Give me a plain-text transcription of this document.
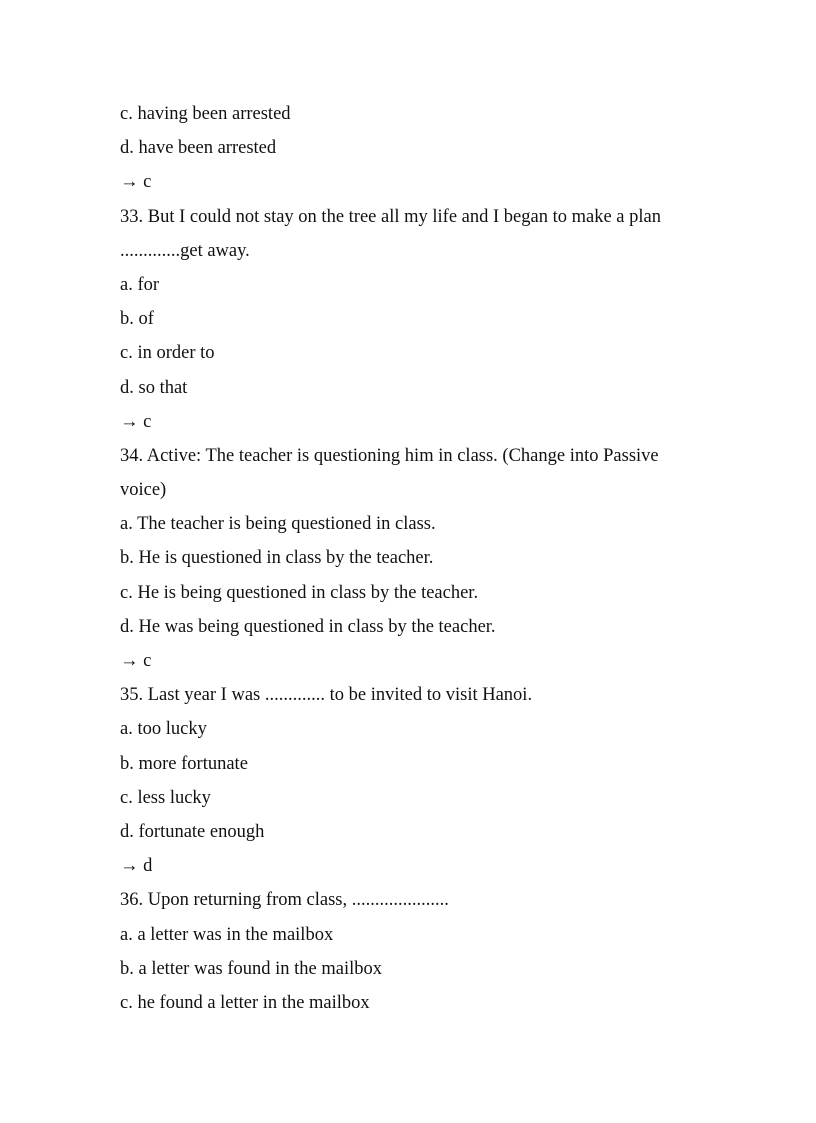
c. having been arrested
d. have been arrested
→ c
33. But I could not stay on the tree all my life and I began to make a plan
.............get away.
a. for
b. of
c. in order to
d. so that
→ c
34. Active: The teacher is questioning him in class. (Change into Passive
voice)
a. The teacher is being questioned in class.
b. He is questioned in class by the teacher.
c. He is being questioned in class by the teacher.
d. He was being questioned in class by the teacher.
→ c
35. Last year I was ............. to be invited to visit Hanoi.
a. too lucky
b. more fortunate
c. less lucky
d. fortunate enough
→ d
36. Upon returning from class, .....................
a. a letter was in the mailbox
b. a letter was found in the mailbox
c. he found a letter in the mailbox
